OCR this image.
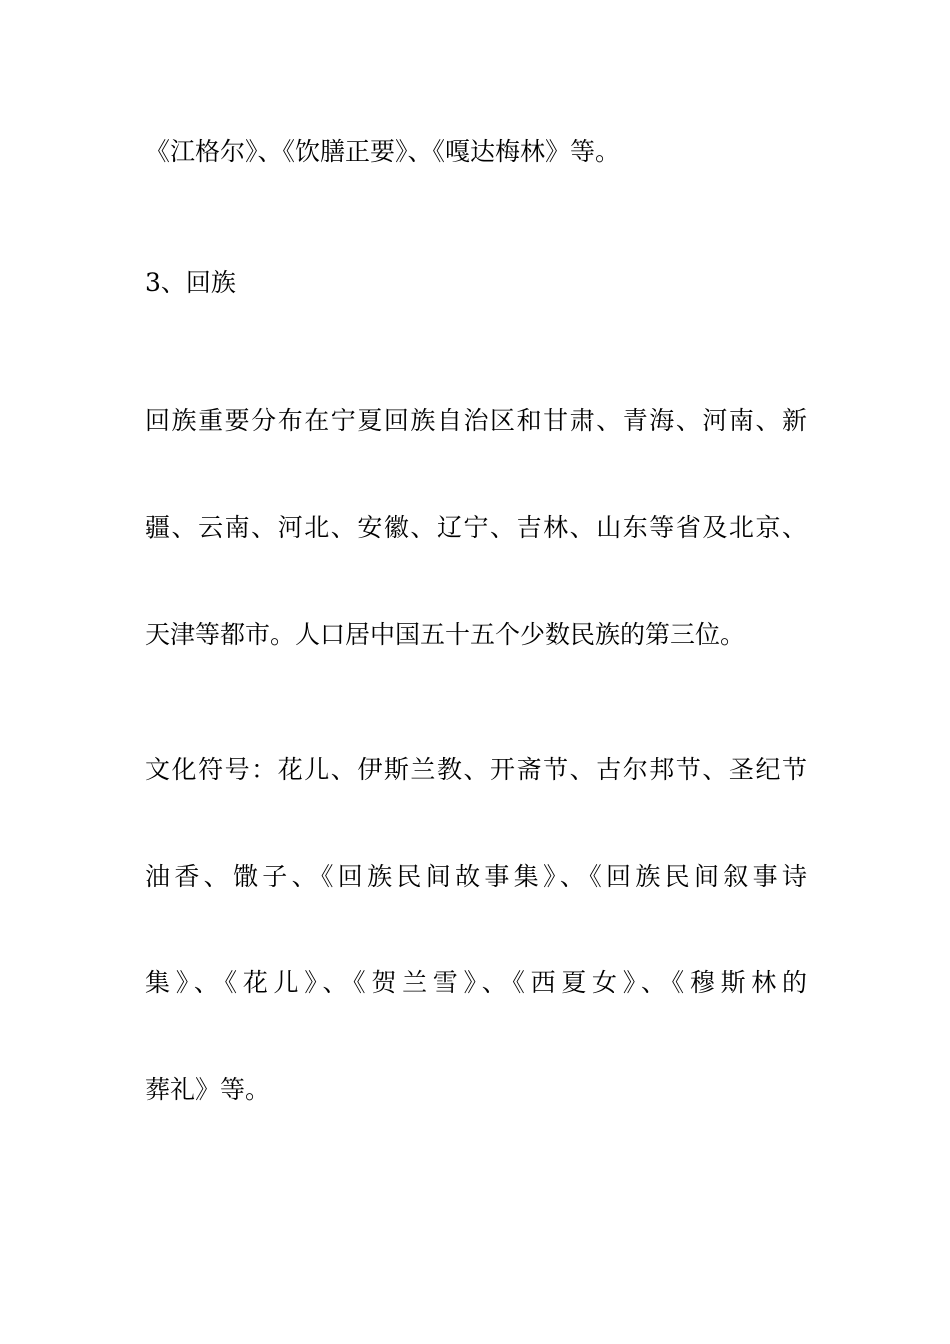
《江格尔》、《饮膳正要》、《嘎达梅林》等。

3、回族

回族重要分布在宁夏回族自治区和甘肃、青海、河南、新

疆、云南、河北、安徽、辽宁、吉林、山东等省及北京、

天津等都市。人口居中国五十五个少数民族的第三位。

文化符号：花儿、伊斯兰教、开斋节、古尔邦节、圣纪节

油香、馓子、《回族民间故事集》、《回族民间叙事诗

集》、《花儿》、《贺兰雪》、《西夏女》、《穆斯林的

葬礼》等。
